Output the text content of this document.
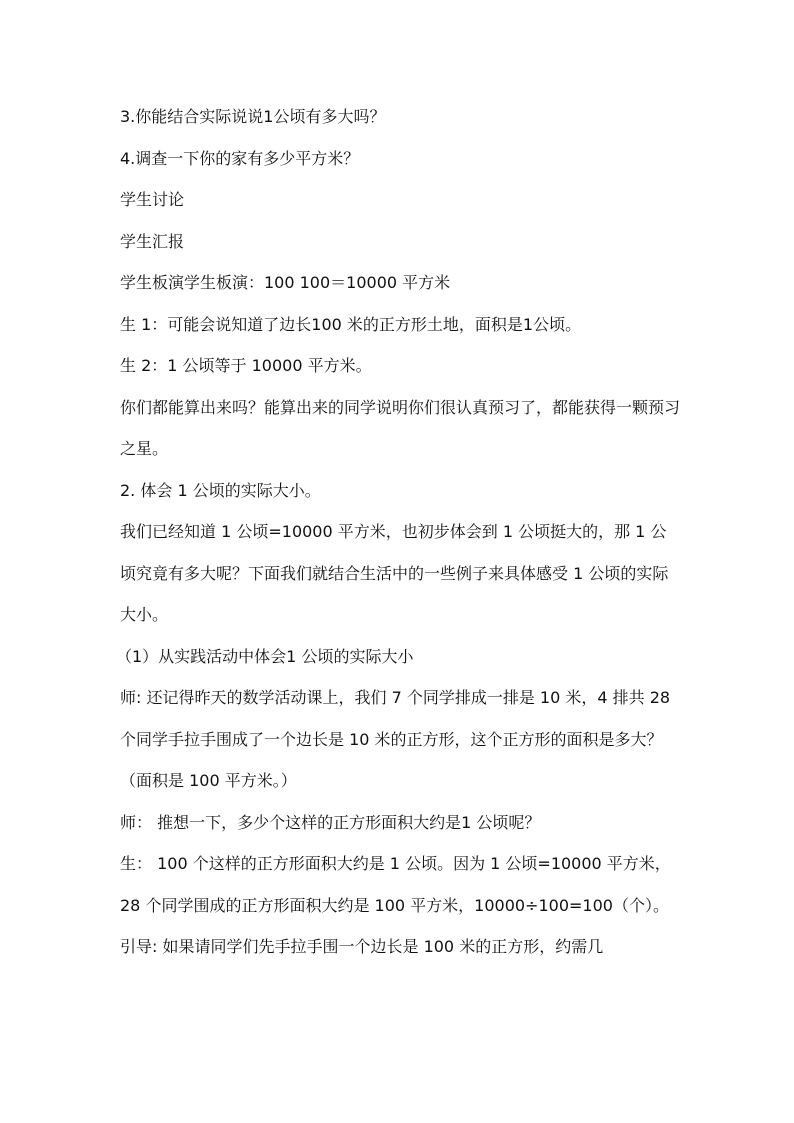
3.你能结合实际说说1公顷有多大吗？

4.调查一下你的家有多少平方米？

学生讨论

学生汇报

学生板演学生板演：100 100＝10000 平方米

生 1：可能会说知道了边长100 米的正方形土地，面积是1公顷。

生 2：1 公顷等于 10000 平方米。

你们都能算出来吗？能算出来的同学说明你们很认真预习了，都能获得一颗预习之星。

2. 体会 1 公顷的实际大小。

我们已经知道 1 公顷=10000 平方米，也初步体会到 1 公顷挺大的，那 1 公顷究竟有多大呢？下面我们就结合生活中的一些例子来具体感受 1 公顷的实际大小。

（1）从实践活动中体会1 公顷的实际大小

师: 还记得昨天的数学活动课上，我们 7 个同学排成一排是 10 米，4 排共 28 个同学手拉手围成了一个边长是 10 米的正方形，这个正方形的面积是多大？（面积是 100 平方米。）

师： 推想一下，多少个这样的正方形面积大约是1 公顷呢？

生： 100 个这样的正方形面积大约是 1 公顷。因为 1 公顷=10000 平方米，28 个同学围成的正方形面积大约是 100 平方米，10000÷100=100（个）。

引导: 如果请同学们先手拉手围一个边长是 100 米的正方形，约需几
